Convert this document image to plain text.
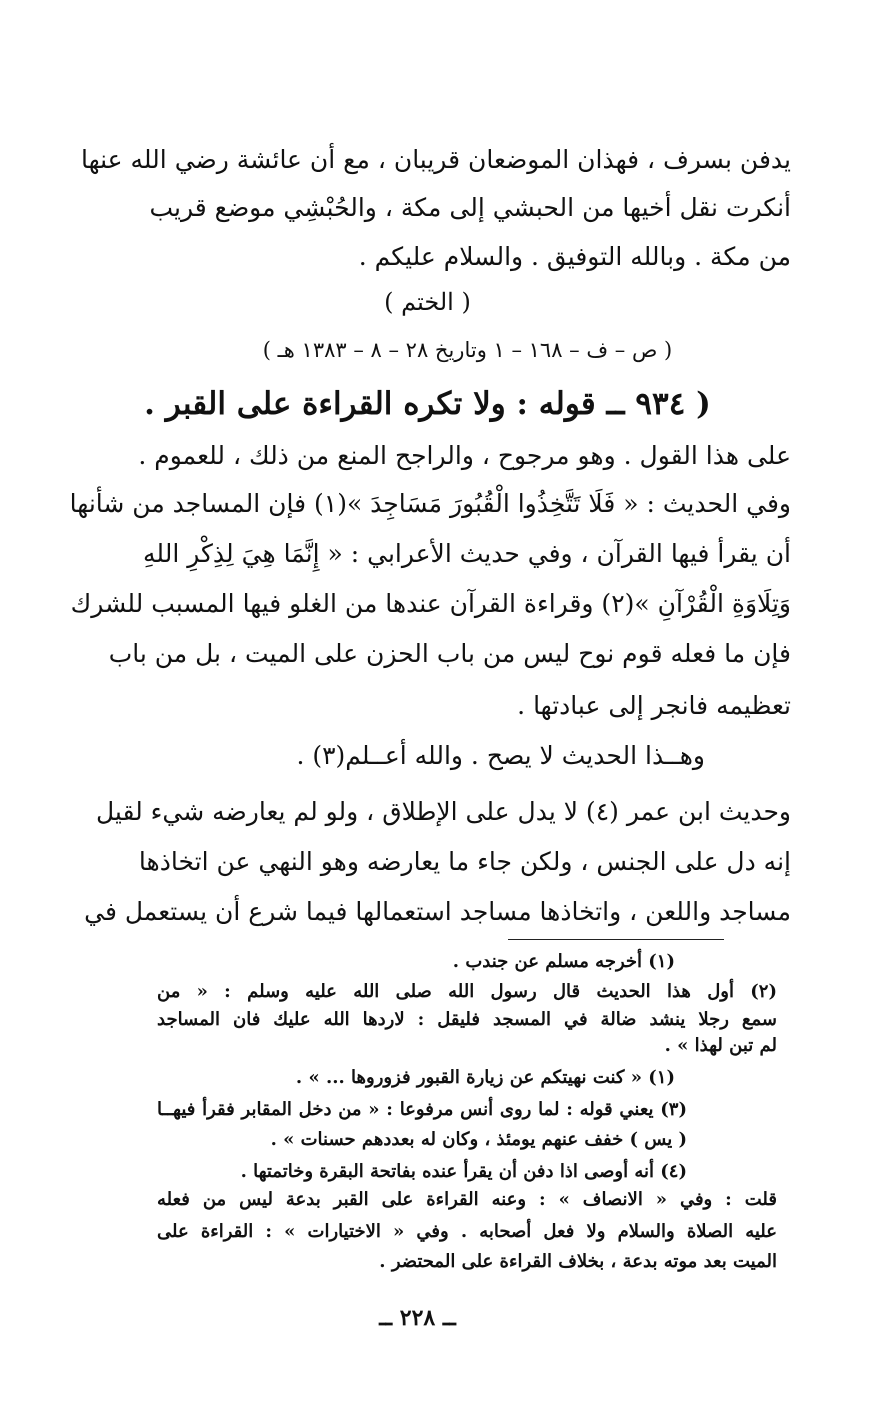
يدفن بسرف ، فهذان الموضعان قريبان ، مع أن عائشة رضي الله عنها
أنكرت نقل أخيها من الحبشي إلى مكة ، والحُبْشِي موضع قريب
من مكة . وبالله التوفيق . والسلام عليكم .
( الختم )
( ص – ف – ١٦٨ – ١ وتاريخ ٢٨ – ٨ – ١٣٨٣ هـ )
( ٩٣٤ ــ قوله : ولا تكره القراءة على القبر .
على هذا القول . وهو مرجوح ، والراجح المنع من ذلك ، للعموم .
وفي الحديث : « فَلَا تَتَّخِذُوا الْقُبُورَ مَسَاجِدَ »(١) فإن المساجد من شأنها
أن يقرأ فيها القرآن ، وفي حديث الأعرابي : « إِنَّمَا هِيَ لِذِكْرِ اللهِ
وَتِلَاوَةِ الْقُرْآنِ »(٢) وقراءة القرآن عندها من الغلو فيها المسبب للشرك
فإن ما فعله قوم نوح ليس من باب الحزن على الميت ، بل من باب
تعظيمه فانجر إلى عبادتها .
وهــذا الحديث لا يصح . والله أعــلم(٣) .
وحديث ابن عمر (٤) لا يدل على الإطلاق ، ولو لم يعارضه شيء لقيل
إنه دل على الجنس ، ولكن جاء ما يعارضه وهو النهي عن اتخاذها
مساجد واللعن ، واتخاذها مساجد استعمالها فيما شرع أن يستعمل في
(١) أخرجه مسلم عن جندب .
(٢) أول هذا الحديث قال رسول الله صلى الله عليه وسلم : « من
سمع رجلا ينشد ضالة في المسجد فليقل : لاردها الله عليك فان المساجد
لم تبن لهذا » .
(١) « كنت نهيتكم عن زيارة القبور فزوروها ... » .
(٣) يعني قوله : لما روى أنس مرفوعا : « من دخل المقابر فقرأ فيهــا
( يس ) خفف عنهم يومئذ ، وكان له بعددهم حسنات » .
(٤) أنه أوصى اذا دفن أن يقرأ عنده بفاتحة البقرة وخاتمتها .
قلت : وفي « الانصاف » : وعنه القراءة على القبر بدعة ليس من فعله
عليه الصلاة والسلام ولا فعل أصحابه . وفي « الاختيارات » : القراءة على
الميت بعد موته بدعة ، بخلاف القراءة على المحتضر .
ــ ٢٢٨ ــ
